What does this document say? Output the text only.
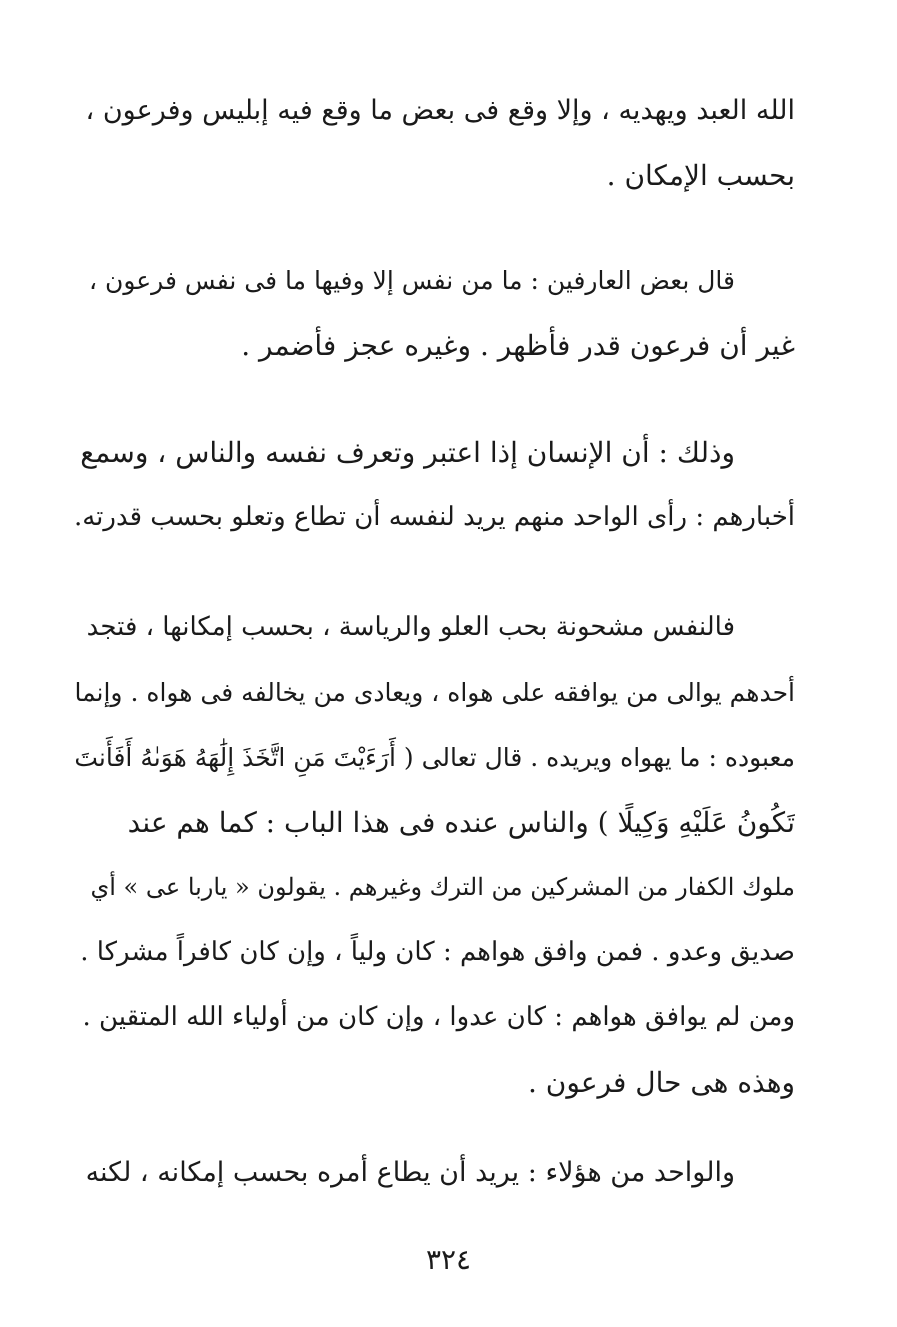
الله العبد ويهديه ، وإلا وقع فى بعض ما وقع فيه إبليس وفرعون ،
بحسب الإمكان .
قال بعض العارفين : ما من نفس إلا وفيها ما فى نفس فرعون ،
غير أن فرعون قدر فأظهر . وغيره عجز فأضمر .
وذلك : أن الإنسان إذا اعتبر وتعرف نفسه والناس ، وسمع
أخبارهم : رأى الواحد منهم يريد لنفسه أن تطاع وتعلو بحسب قدرته.
فالنفس مشحونة بحب العلو والرياسة ، بحسب إمكانها ، فتجد
أحدهم يوالى من يوافقه على هواه ، ويعادى من يخالفه فى هواه . وإنما
معبوده : ما يهواه ويريده . قال تعالى ( أَرَءَيْتَ مَنِ اتَّخَذَ إِلَٰهَهُ هَوَىٰهُ أَفَأَنتَ
تَكُونُ عَلَيْهِ وَكِيلًا ) والناس عنده فى هذا الباب : كما هم عند
ملوك الكفار من المشركين من الترك وغيرهم . يقولون « ياربا عى » أي
صديق وعدو . فمن وافق هواهم : كان ولياً ، وإن كان كافراً مشركا .
ومن لم يوافق هواهم : كان عدوا ، وإن كان من أولياء الله المتقين .
وهذه هى حال فرعون .
والواحد من هؤلاء : يريد أن يطاع أمره بحسب إمكانه ، لكنه
٣٢٤
